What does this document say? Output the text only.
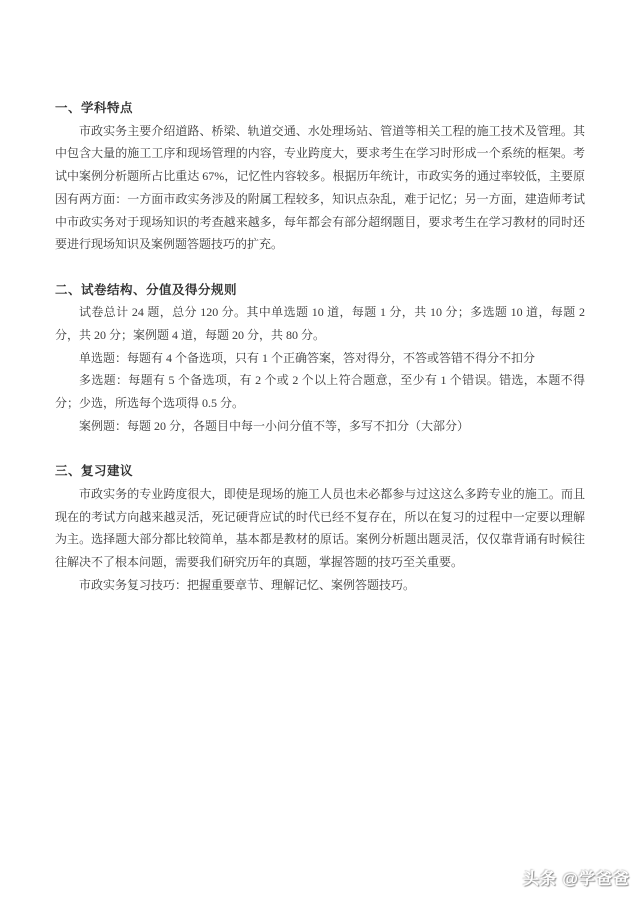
一、学科特点
市政实务主要介绍道路、桥梁、轨道交通、水处理场站、管道等相关工程的施工技术及管理。其中包含大量的施工工序和现场管理的内容，专业跨度大，要求考生在学习时形成一个系统的框架。考试中案例分析题所占比重达 67%，记忆性内容较多。根据历年统计，市政实务的通过率较低，主要原因有两方面：一方面市政实务涉及的附属工程较多，知识点杂乱，难于记忆；另一方面，建造师考试中市政实务对于现场知识的考查越来越多，每年都会有部分超纲题目，要求考生在学习教材的同时还要进行现场知识及案例题答题技巧的扩充。
二、试卷结构、分值及得分规则
试卷总计 24 题，总分 120 分。其中单选题 10 道，每题 1 分，共 10 分；多选题 10 道，每题 2 分，共 20 分；案例题 4 道，每题 20 分，共 80 分。
单选题：每题有 4 个备选项，只有 1 个正确答案，答对得分，不答或答错不得分不扣分
多选题：每题有 5 个备选项，有 2 个或 2 个以上符合题意，至少有 1 个错误。错选，本题不得分；少选，所选每个选项得 0.5 分。
案例题：每题 20 分，各题目中每一小问分值不等，多写不扣分（大部分）
三、复习建议
市政实务的专业跨度很大，即使是现场的施工人员也未必都参与过这这么多跨专业的施工。而且现在的考试方向越来越灵活，死记硬背应试的时代已经不复存在，所以在复习的过程中一定要以理解为主。选择题大部分都比较简单，基本都是教材的原话。案例分析题出题灵活，仅仅靠背诵有时候往往解决不了根本问题，需要我们研究历年的真题，掌握答题的技巧至关重要。
市政实务复习技巧：把握重要章节、理解记忆、案例答题技巧。
头条 @学爸爸
